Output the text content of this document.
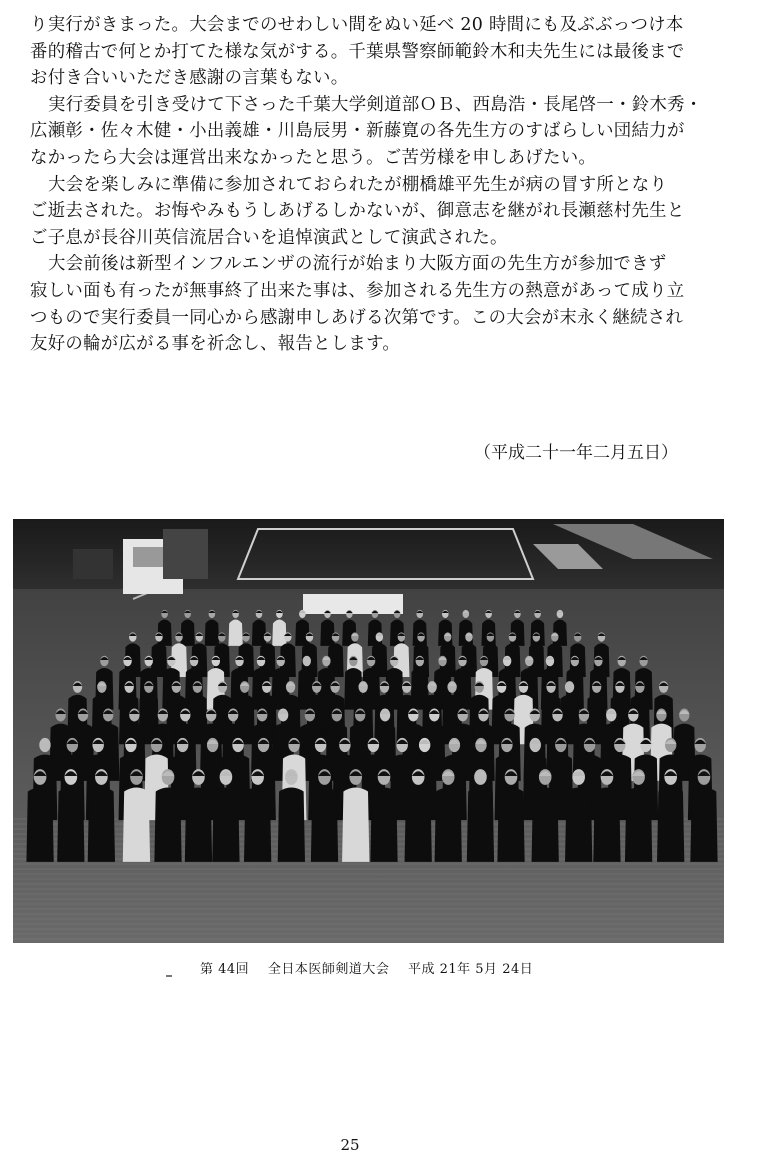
り実行がきまった。大会までのせわしい間をぬい延べ 20 時間にも及ぶぶっつけ本
番的稽古で何とか打てた様な気がする。千葉県警察師範鈴木和夫先生には最後まで
お付き合いいただき感謝の言葉もない。
実行委員を引き受けて下さった千葉大学剣道部ＯＢ、西島浩・長尾啓一・鈴木秀・
広瀬彰・佐々木健・小出義雄・川島辰男・新藤寛の各先生方のすばらしい団結力が
なかったら大会は運営出来なかったと思う。ご苦労様を申しあげたい。
大会を楽しみに準備に参加されておられたが棚橋雄平先生が病の冒す所となり
ご逝去された。お悔やみもうしあげるしかないが、御意志を継がれ長瀬慈村先生と
ご子息が長谷川英信流居合いを追悼演武として演武された。
大会前後は新型インフルエンザの流行が始まり大阪方面の先生方が参加できず
寂しい面も有ったが無事終了出来た事は、参加される先生方の熱意があって成り立
つもので実行委員一同心から感謝申しあげる次第です。この大会が末永く継続され
友好の輪が広がる事を祈念し、報告とします。
（平成二十一年二月五日）
第 44回 全日本医師剣道大会 平成 21年 5月 24日
25
